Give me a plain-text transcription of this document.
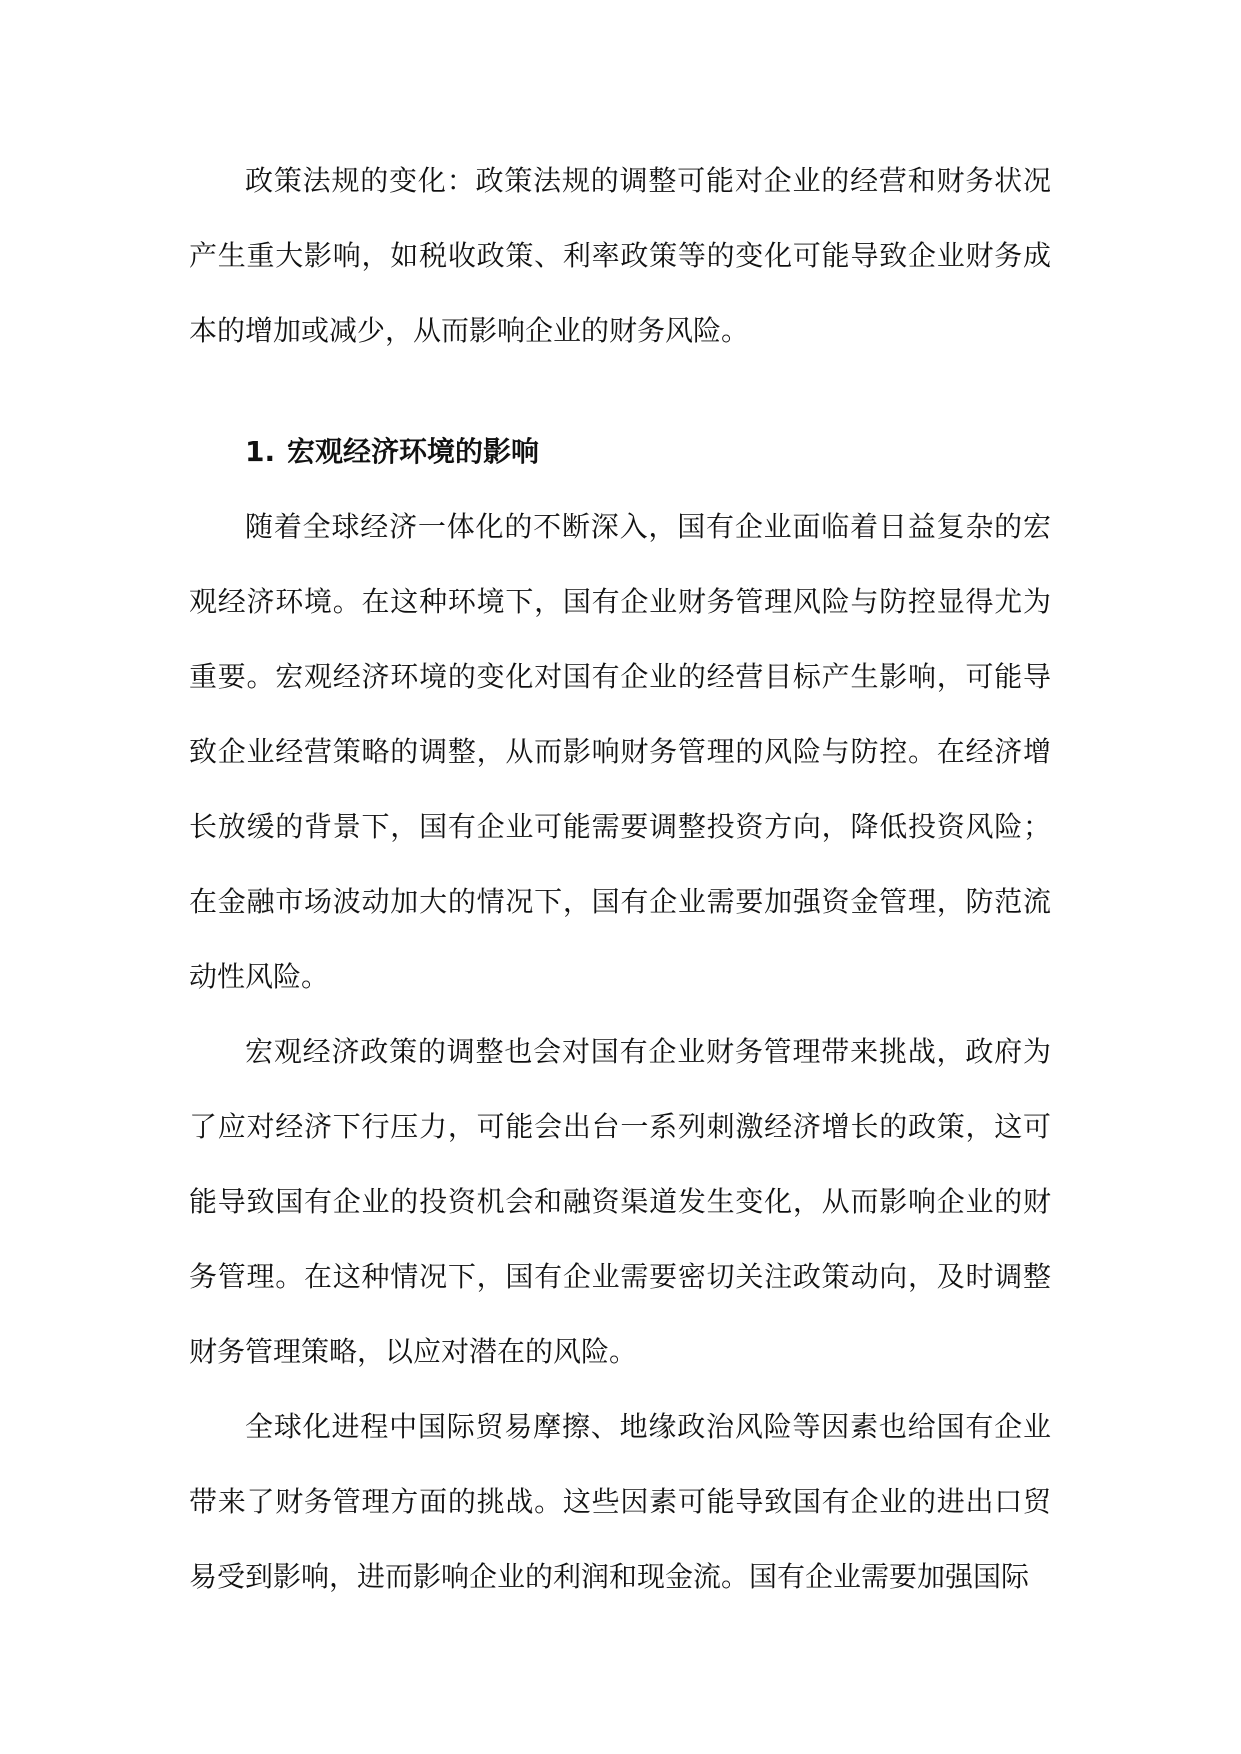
政策法规的变化：政策法规的调整可能对企业的经营和财务状况产生重大影响，如税收政策、利率政策等的变化可能导致企业财务成本的增加或减少，从而影响企业的财务风险。

1. 宏观经济环境的影响

随着全球经济一体化的不断深入，国有企业面临着日益复杂的宏观经济环境。在这种环境下，国有企业财务管理风险与防控显得尤为重要。宏观经济环境的变化对国有企业的经营目标产生影响，可能导致企业经营策略的调整，从而影响财务管理的风险与防控。在经济增长放缓的背景下，国有企业可能需要调整投资方向，降低投资风险；在金融市场波动加大的情况下，国有企业需要加强资金管理，防范流动性风险。

宏观经济政策的调整也会对国有企业财务管理带来挑战，政府为了应对经济下行压力，可能会出台一系列刺激经济增长的政策，这可能导致国有企业的投资机会和融资渠道发生变化，从而影响企业的财务管理。在这种情况下，国有企业需要密切关注政策动向，及时调整财务管理策略，以应对潜在的风险。

全球化进程中国际贸易摩擦、地缘政治风险等因素也给国有企业带来了财务管理方面的挑战。这些因素可能导致国有企业的进出口贸易受到影响，进而影响企业的利润和现金流。国有企业需要加强国际
